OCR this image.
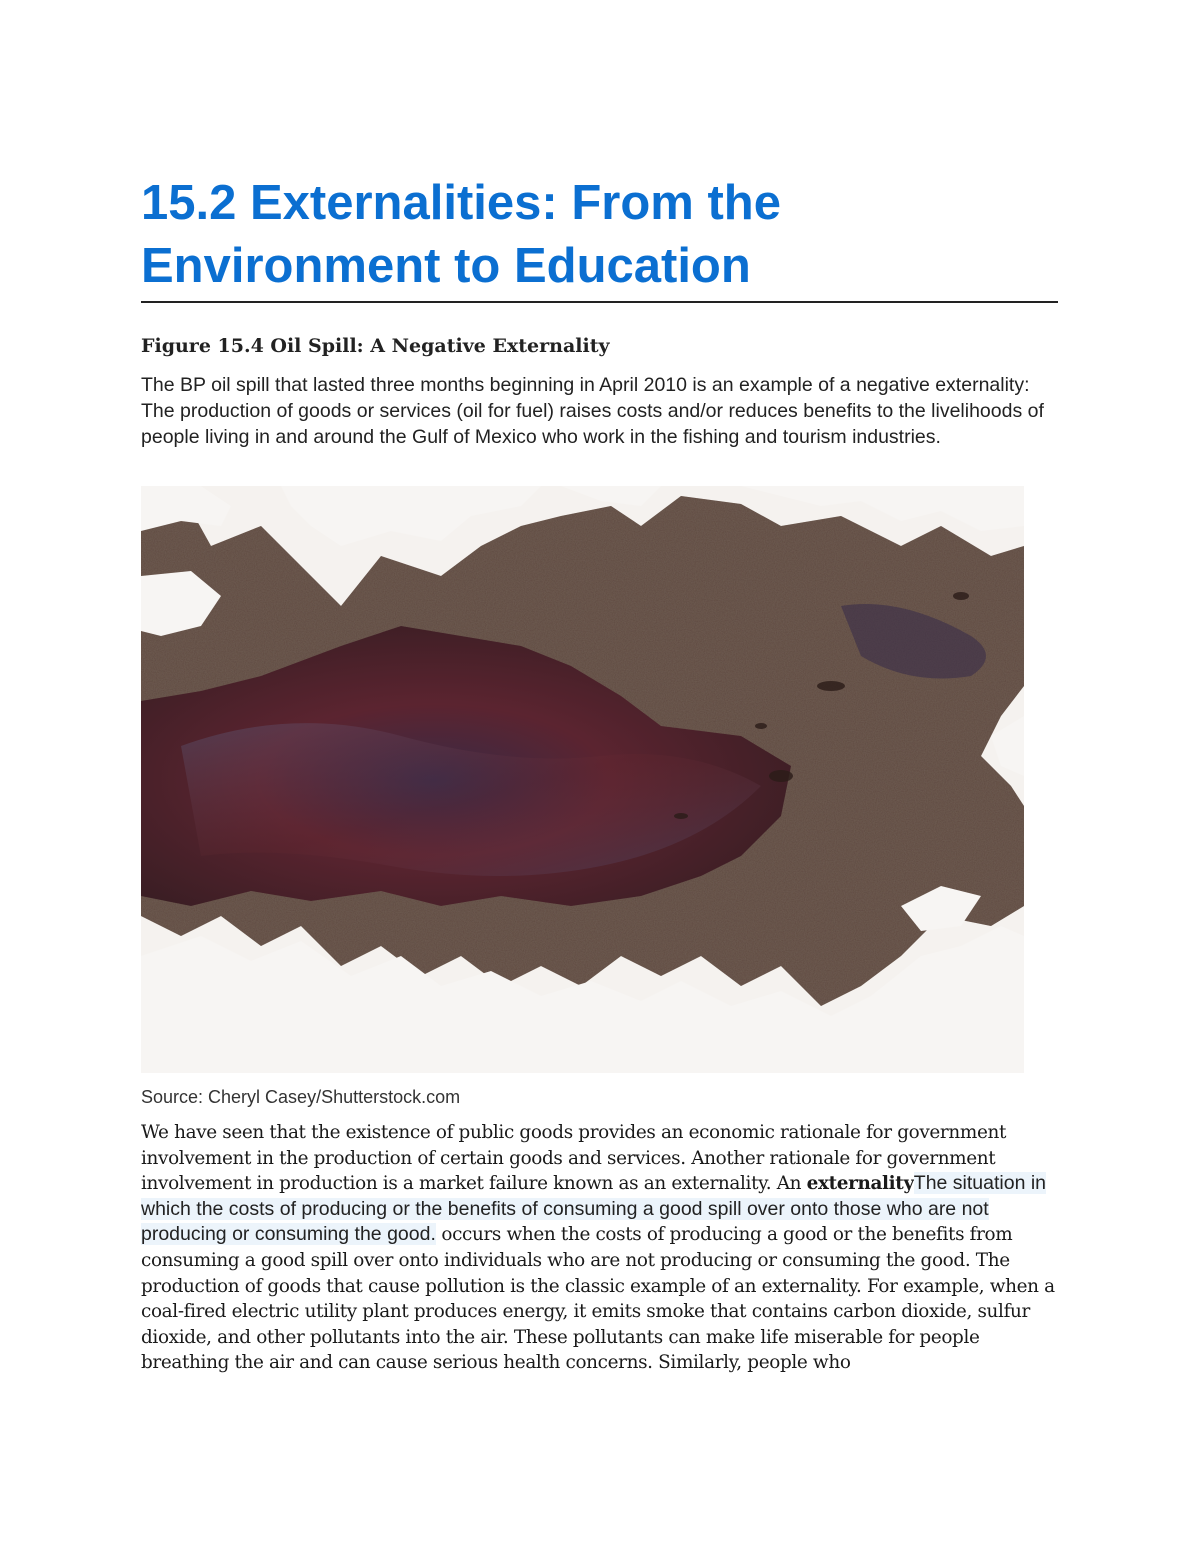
15.2 Externalities: From the Environment to Education

Figure 15.4 Oil Spill: A Negative Externality

The BP oil spill that lasted three months beginning in April 2010 is an example of a negative externality: The production of goods or services (oil for fuel) raises costs and/or reduces benefits to the livelihoods of people living in and around the Gulf of Mexico who work in the fishing and tourism industries.

Source: Cheryl Casey/Shutterstock.com

We have seen that the existence of public goods provides an economic rationale for government involvement in the production of certain goods and services. Another rationale for government involvement in production is a market failure known as an externality. An externalityThe situation in which the costs of producing or the benefits of consuming a good spill over onto those who are not producing or consuming the good. occurs when the costs of producing a good or the benefits from consuming a good spill over onto individuals who are not producing or consuming the good. The production of goods that cause pollution is the classic example of an externality. For example, when a coal-fired electric utility plant produces energy, it emits smoke that contains carbon dioxide, sulfur dioxide, and other pollutants into the air. These pollutants can make life miserable for people breathing the air and can cause serious health concerns. Similarly, people who
